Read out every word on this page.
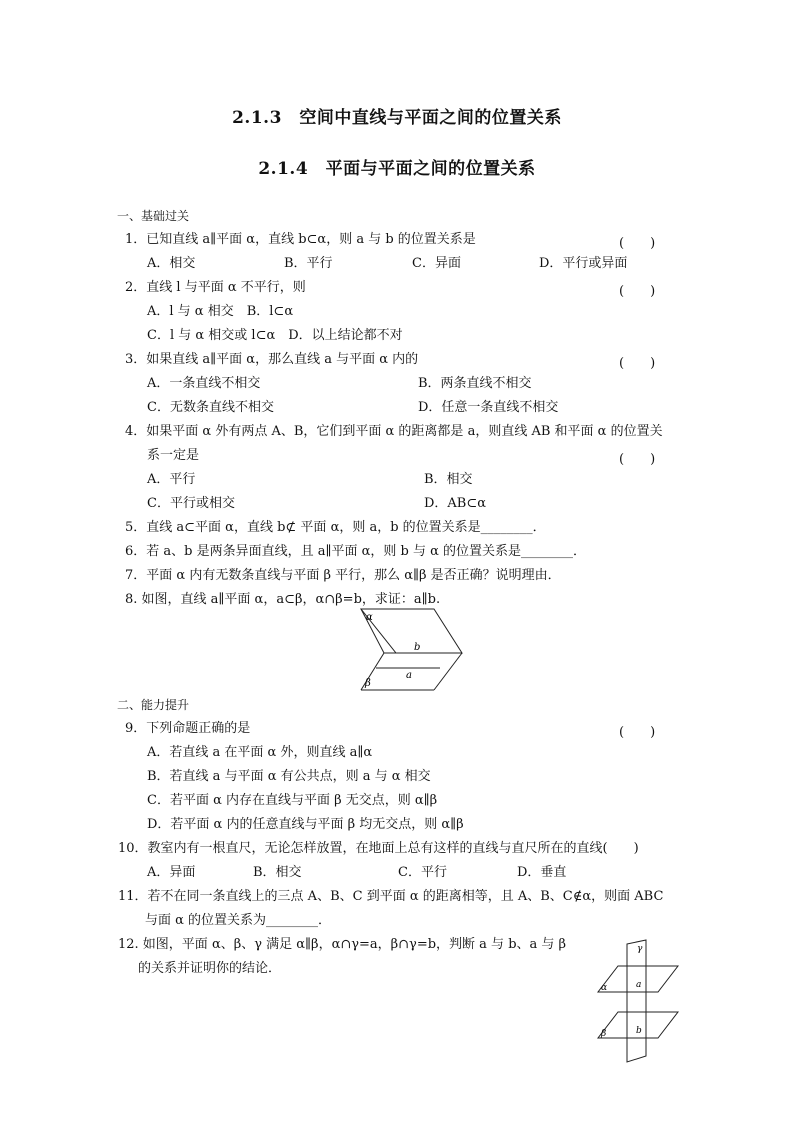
2.1.3　空间中直线与平面之间的位置关系
2.1.4　平面与平面之间的位置关系
一、基础过关
1．已知直线 a∥平面 α，直线 b⊂α，则 a 与 b 的位置关系是	(　　)
A．相交	B．平行	C．异面	D．平行或异面
2．直线 l 与平面 α 不平行，则	(　　)
A．l 与 α 相交　B．l⊂α
C．l 与 α 相交或 l⊂α　D．以上结论都不对
3．如果直线 a∥平面 α，那么直线 a 与平面 α 内的	(　　)
A．一条直线不相交	B．两条直线不相交
C．无数条直线不相交	D．任意一条直线不相交
4．如果平面 α 外有两点 A、B，它们到平面 α 的距离都是 a，则直线 AB 和平面 α 的位置关
系一定是	(　　)
A．平行	B．相交
C．平行或相交	D．AB⊂α
5．直线 a⊂平面 α，直线 b⊄ 平面 α，则 a，b 的位置关系是________．
6．若 a、b 是两条异面直线，且 a∥平面 α，则 b 与 α 的位置关系是________．
7．平面 α 内有无数条直线与平面 β 平行，那么 α∥β 是否正确？说明理由．
8. 如图，直线 a∥平面 α，a⊂β，α∩β=b，求证：a∥b.
α
b
a
β
二、能力提升
9．下列命题正确的是	(　　)
A．若直线 a 在平面 α 外，则直线 a∥α
B．若直线 a 与平面 α 有公共点，则 a 与 α 相交
C．若平面 α 内存在直线与平面 β 无交点，则 α∥β
D．若平面 α 内的任意直线与平面 β 均无交点，则 α∥β
10．教室内有一根直尺，无论怎样放置，在地面上总有这样的直线与直尺所在的直线(　　)
A．异面	B．相交	C．平行	D．垂直
11．若不在同一条直线上的三点 A、B、C 到平面 α 的距离相等，且 A、B、C∉α，则面 ABC
与面 α 的位置关系为________．
12. 如图，平面 α、β、γ 满足 α∥β，α∩γ=a，β∩γ=b，判断 a 与 b、a 与 β
的关系并证明你的结论．
γ
α	a
β	b
